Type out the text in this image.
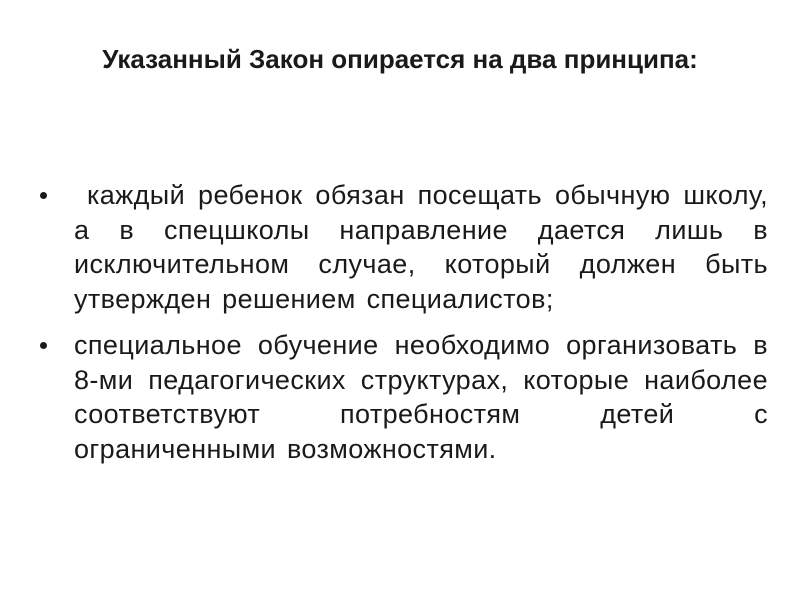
Указанный Закон опирается на два принципа:
каждый ребенок обязан посещать обычную школу, а в спецшколы направление дается лишь в исключительном случае, который должен быть утвержден решением специалистов;
специальное обучение необходимо организовать в 8-ми педагогических структурах, которые наиболее соответствуют потребностям детей с ограниченными возможностями.
